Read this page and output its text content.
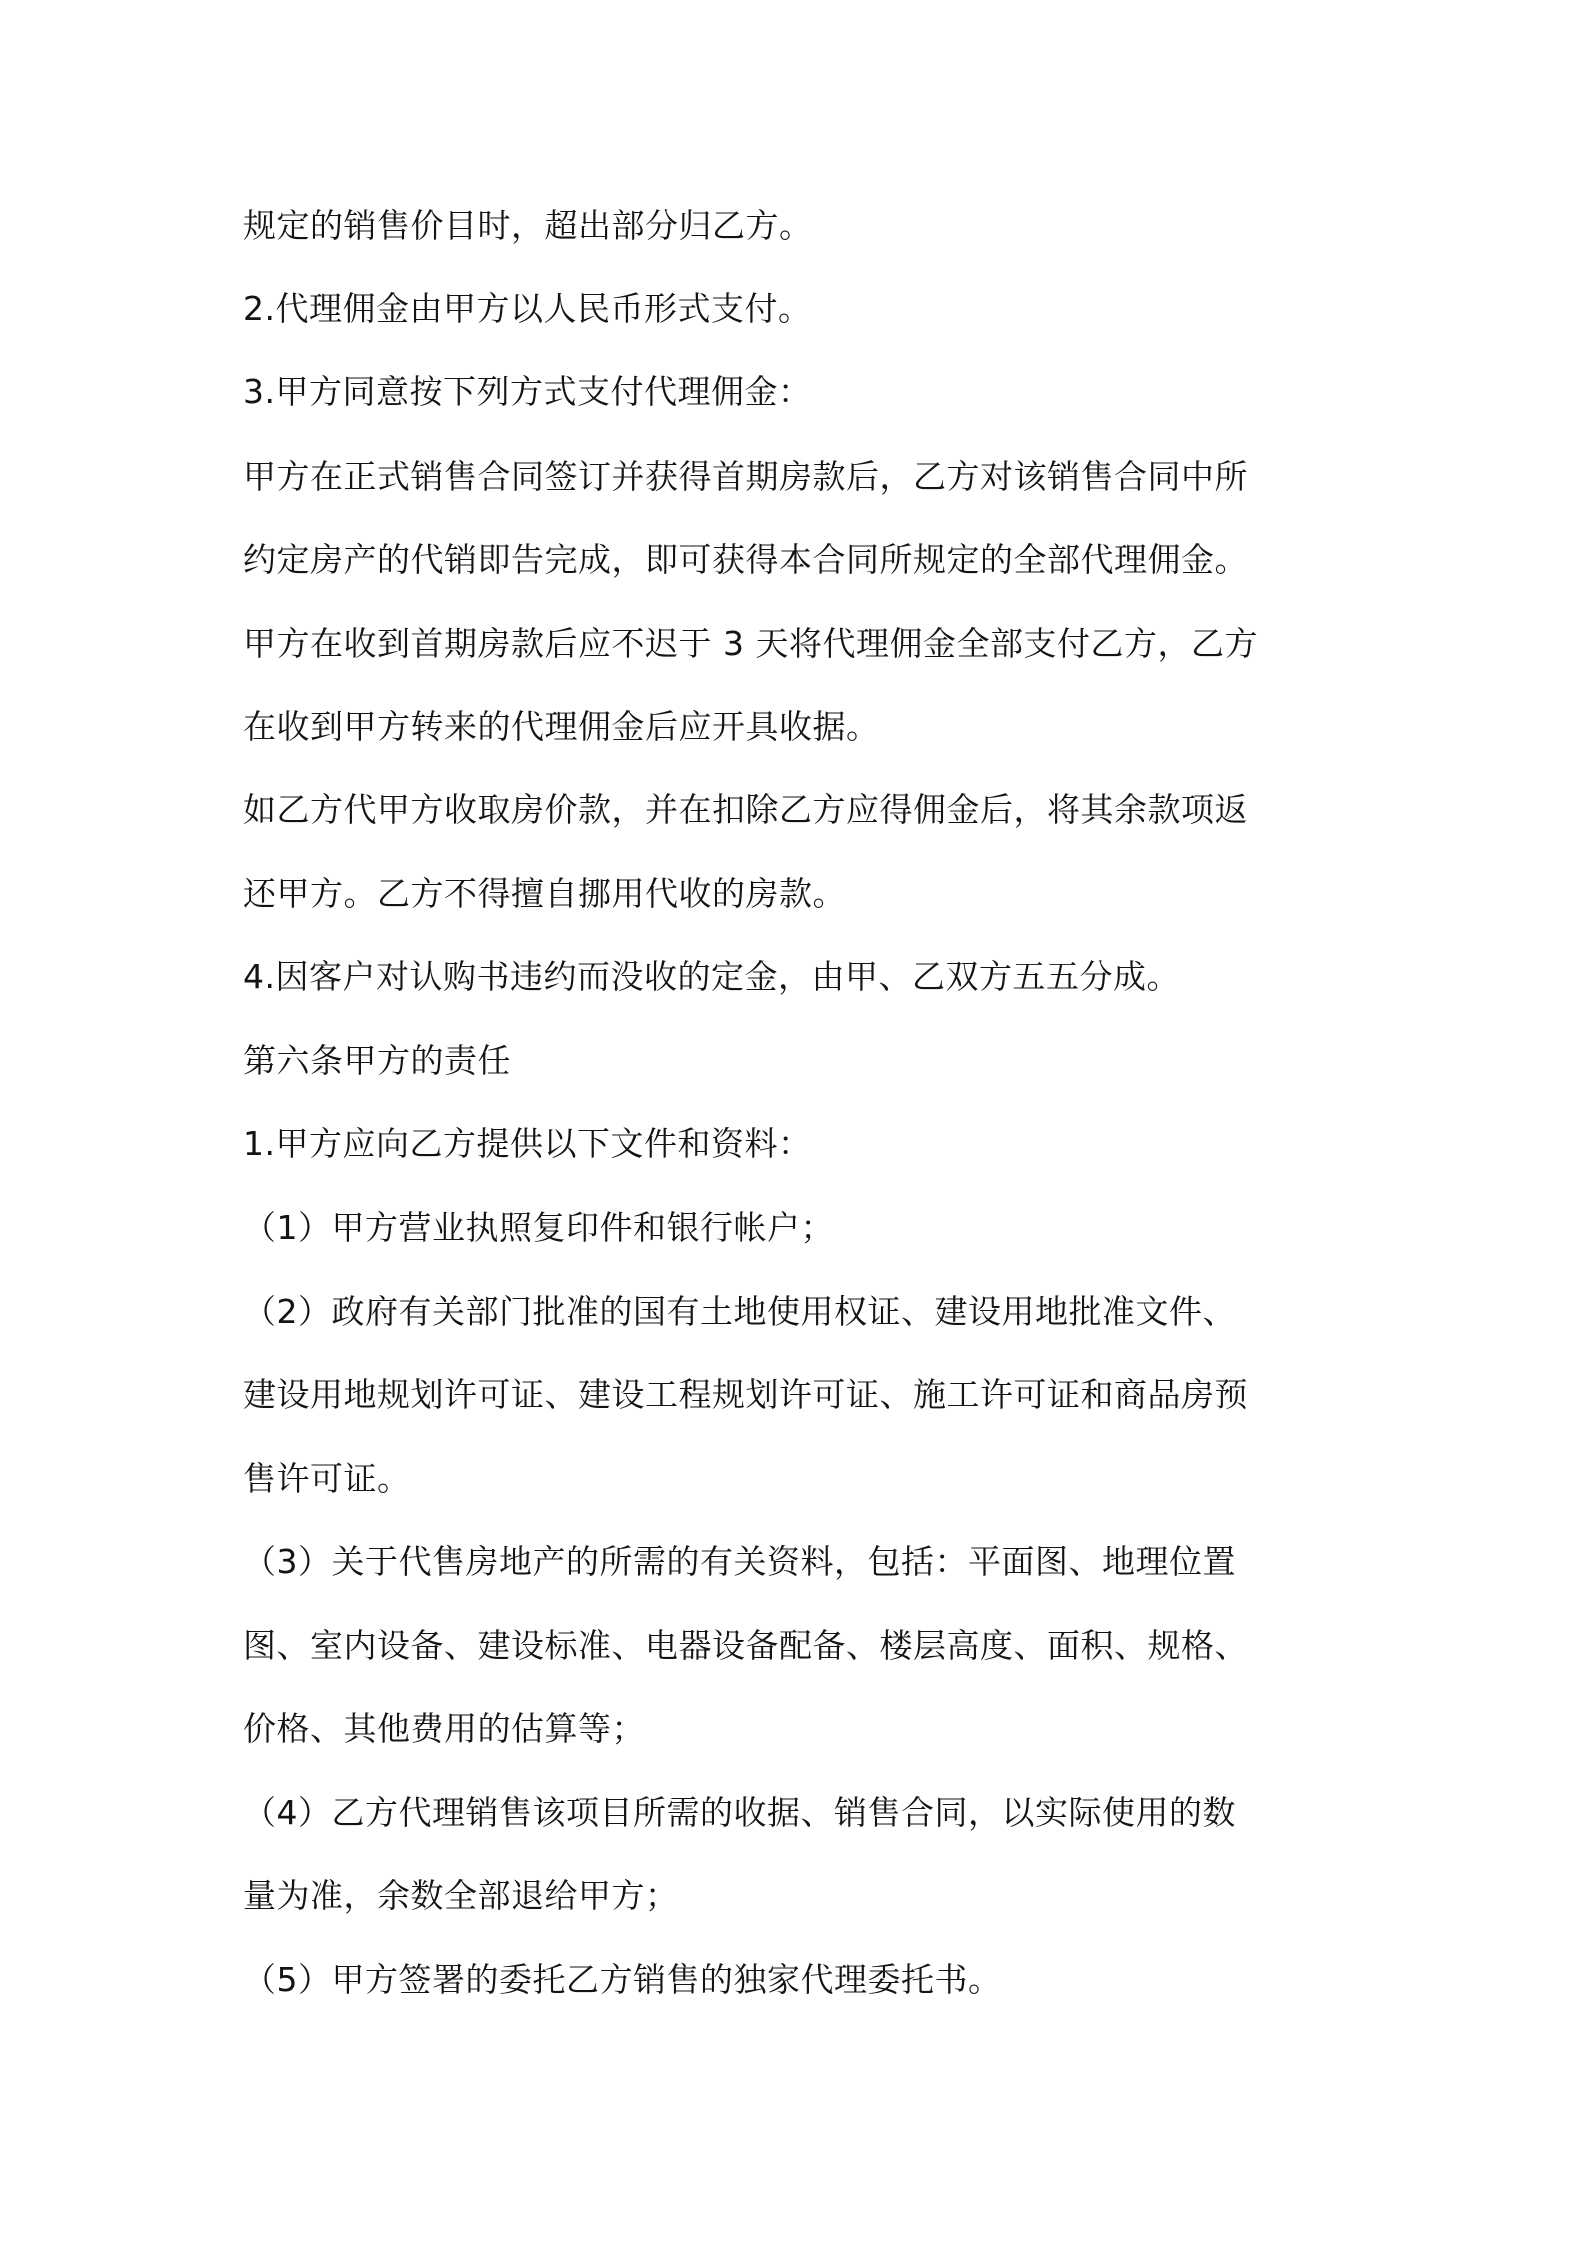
规定的销售价目时，超出部分归乙方。

2.代理佣金由甲方以人民币形式支付。

3.甲方同意按下列方式支付代理佣金：

甲方在正式销售合同签订并获得首期房款后，乙方对该销售合同中所

约定房产的代销即告完成，即可获得本合同所规定的全部代理佣金。

甲方在收到首期房款后应不迟于 3 天将代理佣金全部支付乙方，乙方

在收到甲方转来的代理佣金后应开具收据。

如乙方代甲方收取房价款，并在扣除乙方应得佣金后，将其余款项返

还甲方。乙方不得擅自挪用代收的房款。

4.因客户对认购书违约而没收的定金，由甲、乙双方五五分成。

第六条甲方的责任

1.甲方应向乙方提供以下文件和资料：

（1）甲方营业执照复印件和银行帐户；

（2）政府有关部门批准的国有土地使用权证、建设用地批准文件、

建设用地规划许可证、建设工程规划许可证、施工许可证和商品房预

售许可证。

（3）关于代售房地产的所需的有关资料，包括：平面图、地理位置

图、室内设备、建设标准、电器设备配备、楼层高度、面积、规格、

价格、其他费用的估算等；

（4）乙方代理销售该项目所需的收据、销售合同，以实际使用的数

量为准，余数全部退给甲方；

（5）甲方签署的委托乙方销售的独家代理委托书。
